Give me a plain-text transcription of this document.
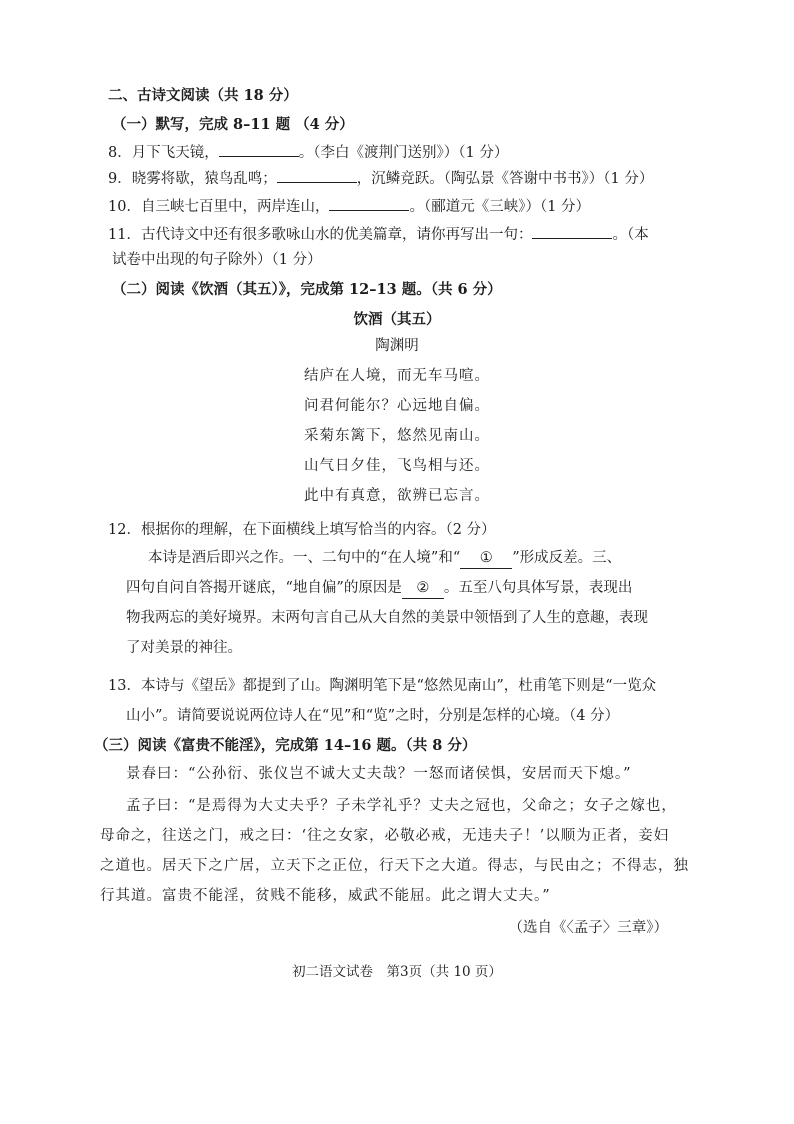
二、古诗文阅读（共 18 分）
（一）默写，完成 8–11 题 （4 分）
8．月下飞天镜，	。（李白《渡荆门送别》）（1 分）
9．晓雾将歇，猿鸟乱鸣；	，沉鳞竞跃。（陶弘景《答谢中书书》）（1 分）
10．自三峡七百里中，两岸连山，	。（郦道元《三峡》）（1 分）
11．古代诗文中还有很多歌咏山水的优美篇章，请你再写出一句：	。（本
试卷中出现的句子除外）（1 分）
（二）阅读《饮酒（其五）》，完成第 12–13 题。（共 6 分）
饮酒（其五）
陶渊明
结庐在人境，而无车马喧。
问君何能尔？心远地自偏。
采菊东篱下，悠然见南山。
山气日夕佳，飞鸟相与还。
此中有真意，欲辨已忘言。
12．根据你的理解，在下面横线上填写恰当的内容。（2 分）
本诗是酒后即兴之作。一、二句中的“在人境”和“ ① ”形成反差。三、
四句自问自答揭开谜底，“地自偏”的原因是 ② 。五至八句具体写景，表现出
物我两忘的美好境界。末两句言自己从大自然的美景中领悟到了人生的意趣，表现
了对美景的神往。
13．本诗与《望岳》都提到了山。陶渊明笔下是“悠然见南山”，杜甫笔下则是“一览众
山小”。请简要说说两位诗人在“见”和“览”之时，分别是怎样的心境。（4 分）
（三）阅读《富贵不能淫》，完成第 14–16 题。（共 8 分）
景春曰：“公孙衍、张仪岂不诚大丈夫哉？一怒而诸侯惧，安居而天下熄。”
孟子曰：“是焉得为大丈夫乎？子未学礼乎？丈夫之冠也，父命之；女子之嫁也，
母命之，往送之门，戒之曰：‘往之女家，必敬必戒，无违夫子！’以顺为正者，妾妇
之道也。居天下之广居，立天下之正位，行天下之大道。得志，与民由之；不得志，独
行其道。富贵不能淫，贫贱不能移，威武不能屈。此之谓大丈夫。”
（选自《〈孟子〉三章》）
初二语文试卷　第3页（共 10 页）
